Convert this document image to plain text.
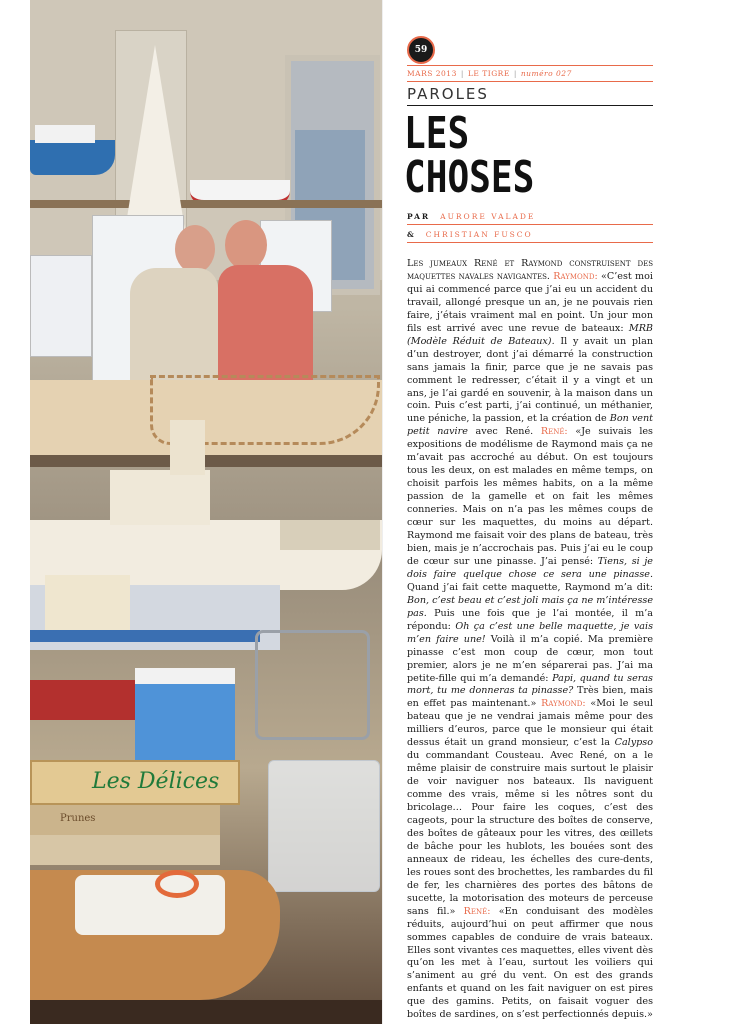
Les Délices
Prunes
59
MARS 2013 | LE TIGRE | numéro 027
PAROLES
LES
CHOSES
PAR AURORE VALADE
& CHRISTIAN FUSCO

Les jumeaux René et Raymond construisent des maquettes navales navigantes. Raymond: «C’est moi qui ai commencé parce que j’ai eu un accident du travail, allongé presque un an, je ne pouvais rien faire, j’étais vraiment mal en point. Un jour mon fils est arrivé avec une revue de bateaux: MRB (Modèle Réduit de Bateaux). Il y avait un plan d’un destroyer, dont j’ai démarré la construction sans jamais la finir, parce que je ne savais pas comment le redresser, c’était il y a vingt et un ans, je l’ai gardé en souvenir, à la maison dans un coin. Puis c’est parti, j’ai continué, un méthanier, une péniche, la passion, et la création de Bon vent petit navire avec René. René: «Je suivais les expositions de modélisme de Raymond mais ça ne m’avait pas accroché au début. On est toujours tous les deux, on est malades en même temps, on choisit parfois les mêmes habits, on a la même passion de la gamelle et on fait les mêmes conneries. Mais on n’a pas les mêmes coups de cœur sur les maquettes, du moins au départ. Raymond me faisait voir des plans de bateau, très bien, mais je n’accrochais pas. Puis j’ai eu le coup de cœur sur une pinasse. J’ai pensé: Tiens, si je dois faire quelque chose ce sera une pinasse. Quand j’ai fait cette maquette, Raymond m’a dit: Bon, c’est beau et c’est joli mais ça ne m’intéresse pas. Puis une fois que je l’ai montée, il m’a répondu: Oh ça c’est une belle maquette, je vais m’en faire une! Voilà il m’a copié. Ma première pinasse c’est mon coup de cœur, mon tout premier, alors je ne m’en séparerai pas. J’ai ma petite-fille qui m’a demandé: Papi, quand tu seras mort, tu me donneras ta pinasse? Très bien, mais en effet pas maintenant.» Raymond: «Moi le seul bateau que je ne vendrai jamais même pour des milliers d’euros, parce que le monsieur qui était dessus était un grand monsieur, c’est la Calypso du commandant Cousteau. Avec René, on a le même plaisir de construire mais surtout le plaisir de voir naviguer nos bateaux. Ils naviguent comme des vrais, même si les nôtres sont du bricolage… Pour faire les coques, c’est des cageots, pour la structure des boîtes de conserve, des boîtes de gâteaux pour les vitres, des œillets de bâche pour les hublots, les bouées sont des anneaux de rideau, les échelles des cure-dents, les roues sont des brochettes, les rambardes du fil de fer, les charnières des portes des bâtons de sucette, la motorisation des moteurs de perceuse sans fil.» René: «En conduisant des modèles réduits, aujourd’hui on peut affirmer que nous sommes capables de conduire de vrais bateaux. Elles sont vivantes ces maquettes, elles vivent dès qu’on les met à l’eau, surtout les voiliers qui s’animent au gré du vent. On est des grands enfants et quand on les fait naviguer on est pires que des gamins. Petits, on faisait voguer des boîtes de sardines, on s’est perfectionnés depuis.»
